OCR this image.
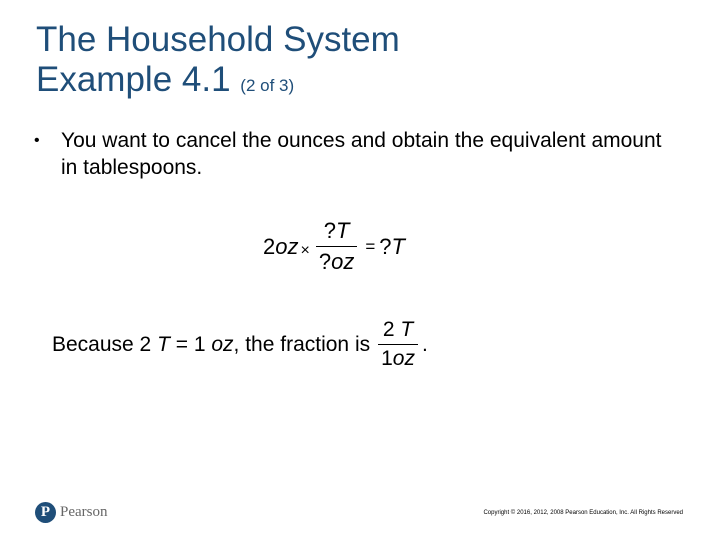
The Household System
Example 4.1 (2 of 3)
•	You want to cancel the ounces and obtain the equivalent amount in tablespoons.
2 oz × $\frac{?T}{?oz}$ = ? T
Because 2 T = 1 oz , the fraction is $\frac{2 T}{1oz}$ .
P Pearson	Copyright © 2016, 2012, 2008 Pearson Education, Inc. All Rights Reserved
